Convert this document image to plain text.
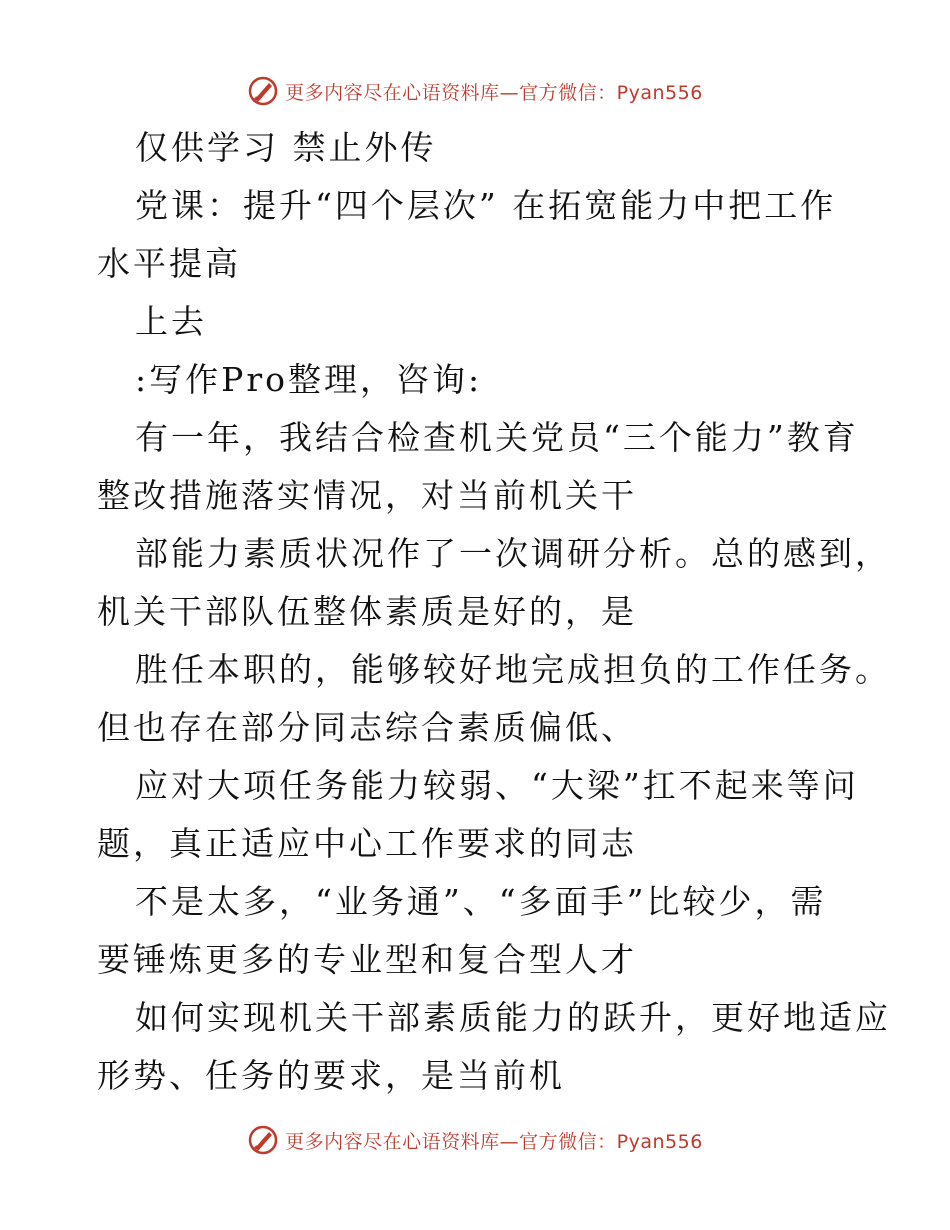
更多内容尽在心语资料库—官方微信：Pyan556
仅供学习 禁止外传
党课：提升“四个层次” 在拓宽能力中把工作
水平提高
上去
:写作Pro整理，咨询:
有一年，我结合检查机关党员“三个能力”教育
整改措施落实情况，对当前机关干
部能力素质状况作了一次调研分析。总的感到，
机关干部队伍整体素质是好的，是
胜任本职的，能够较好地完成担负的工作任务。
但也存在部分同志综合素质偏低、
应对大项任务能力较弱、“大梁”扛不起来等问
题，真正适应中心工作要求的同志
不是太多，“业务通”、“多面手”比较少，需
要锤炼更多的专业型和复合型人才
如何实现机关干部素质能力的跃升，更好地适应
形势、任务的要求，是当前机
更多内容尽在心语资料库—官方微信：Pyan556
